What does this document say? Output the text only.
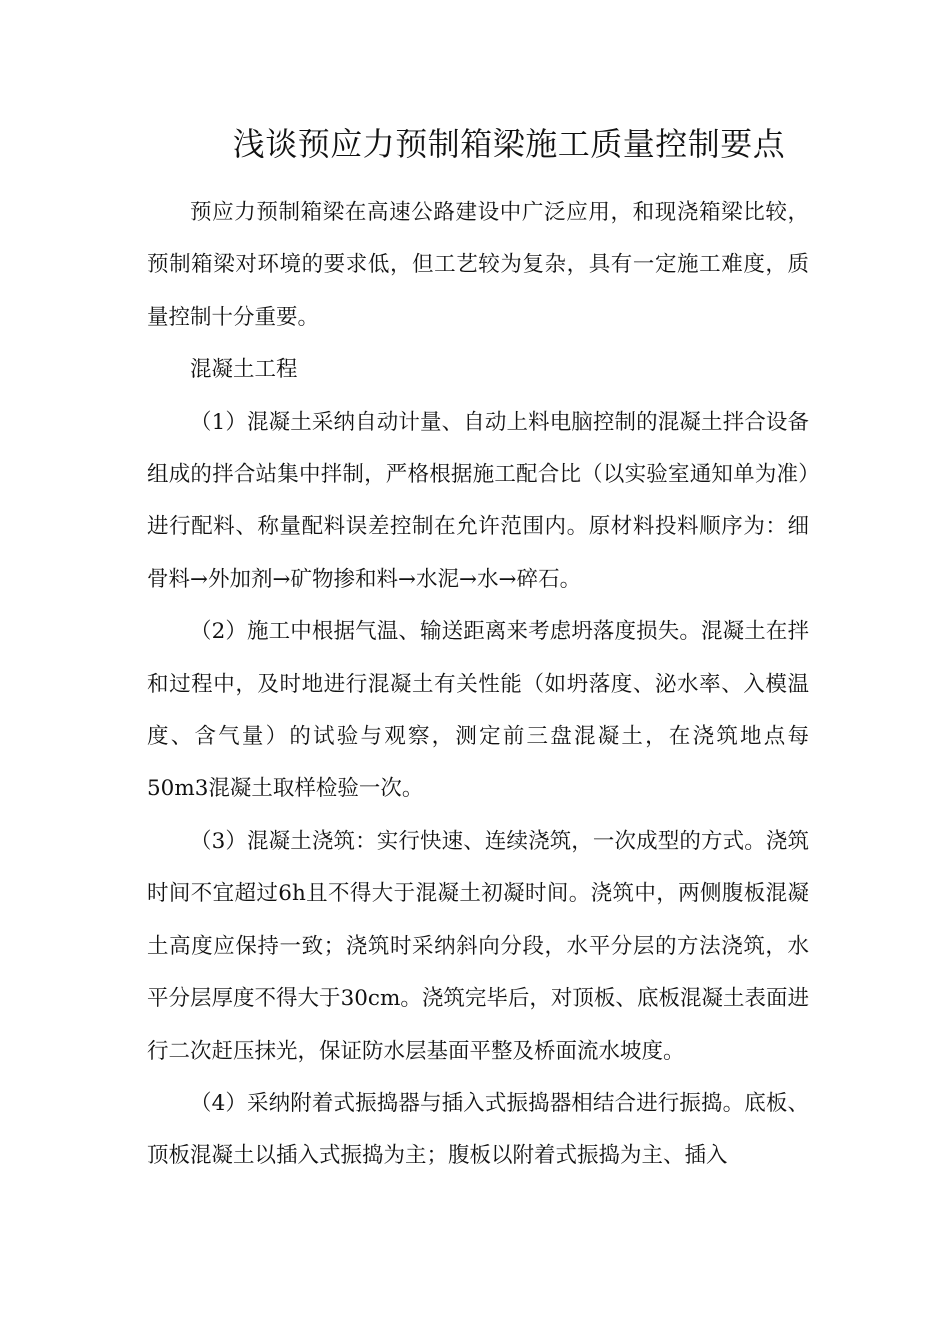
浅谈预应力预制箱梁施工质量控制要点

预应力预制箱梁在高速公路建设中广泛应用，和现浇箱梁比较，预制箱梁对环境的要求低，但工艺较为复杂，具有一定施工难度，质量控制十分重要。

混凝土工程

（1）混凝土采纳自动计量、自动上料电脑控制的混凝土拌合设备组成的拌合站集中拌制，严格根据施工配合比（以实验室通知单为准）进行配料、称量配料误差控制在允许范围内。原材料投料顺序为：细骨料→外加剂→矿物掺和料→水泥→水→碎石。

（2）施工中根据气温、输送距离来考虑坍落度损失。混凝土在拌和过程中，及时地进行混凝土有关性能（如坍落度、泌水率、入模温度、含气量）的试验与观察，测定前三盘混凝土，在浇筑地点每50m3混凝土取样检验一次。

（3）混凝土浇筑：实行快速、连续浇筑，一次成型的方式。浇筑时间不宜超过6h且不得大于混凝土初凝时间。浇筑中，两侧腹板混凝土高度应保持一致；浇筑时采纳斜向分段，水平分层的方法浇筑，水平分层厚度不得大于30cm。浇筑完毕后，对顶板、底板混凝土表面进行二次赶压抹光，保证防水层基面平整及桥面流水坡度。

（4）采纳附着式振捣器与插入式振捣器相结合进行振捣。底板、顶板混凝土以插入式振捣为主；腹板以附着式振捣为主、插入
